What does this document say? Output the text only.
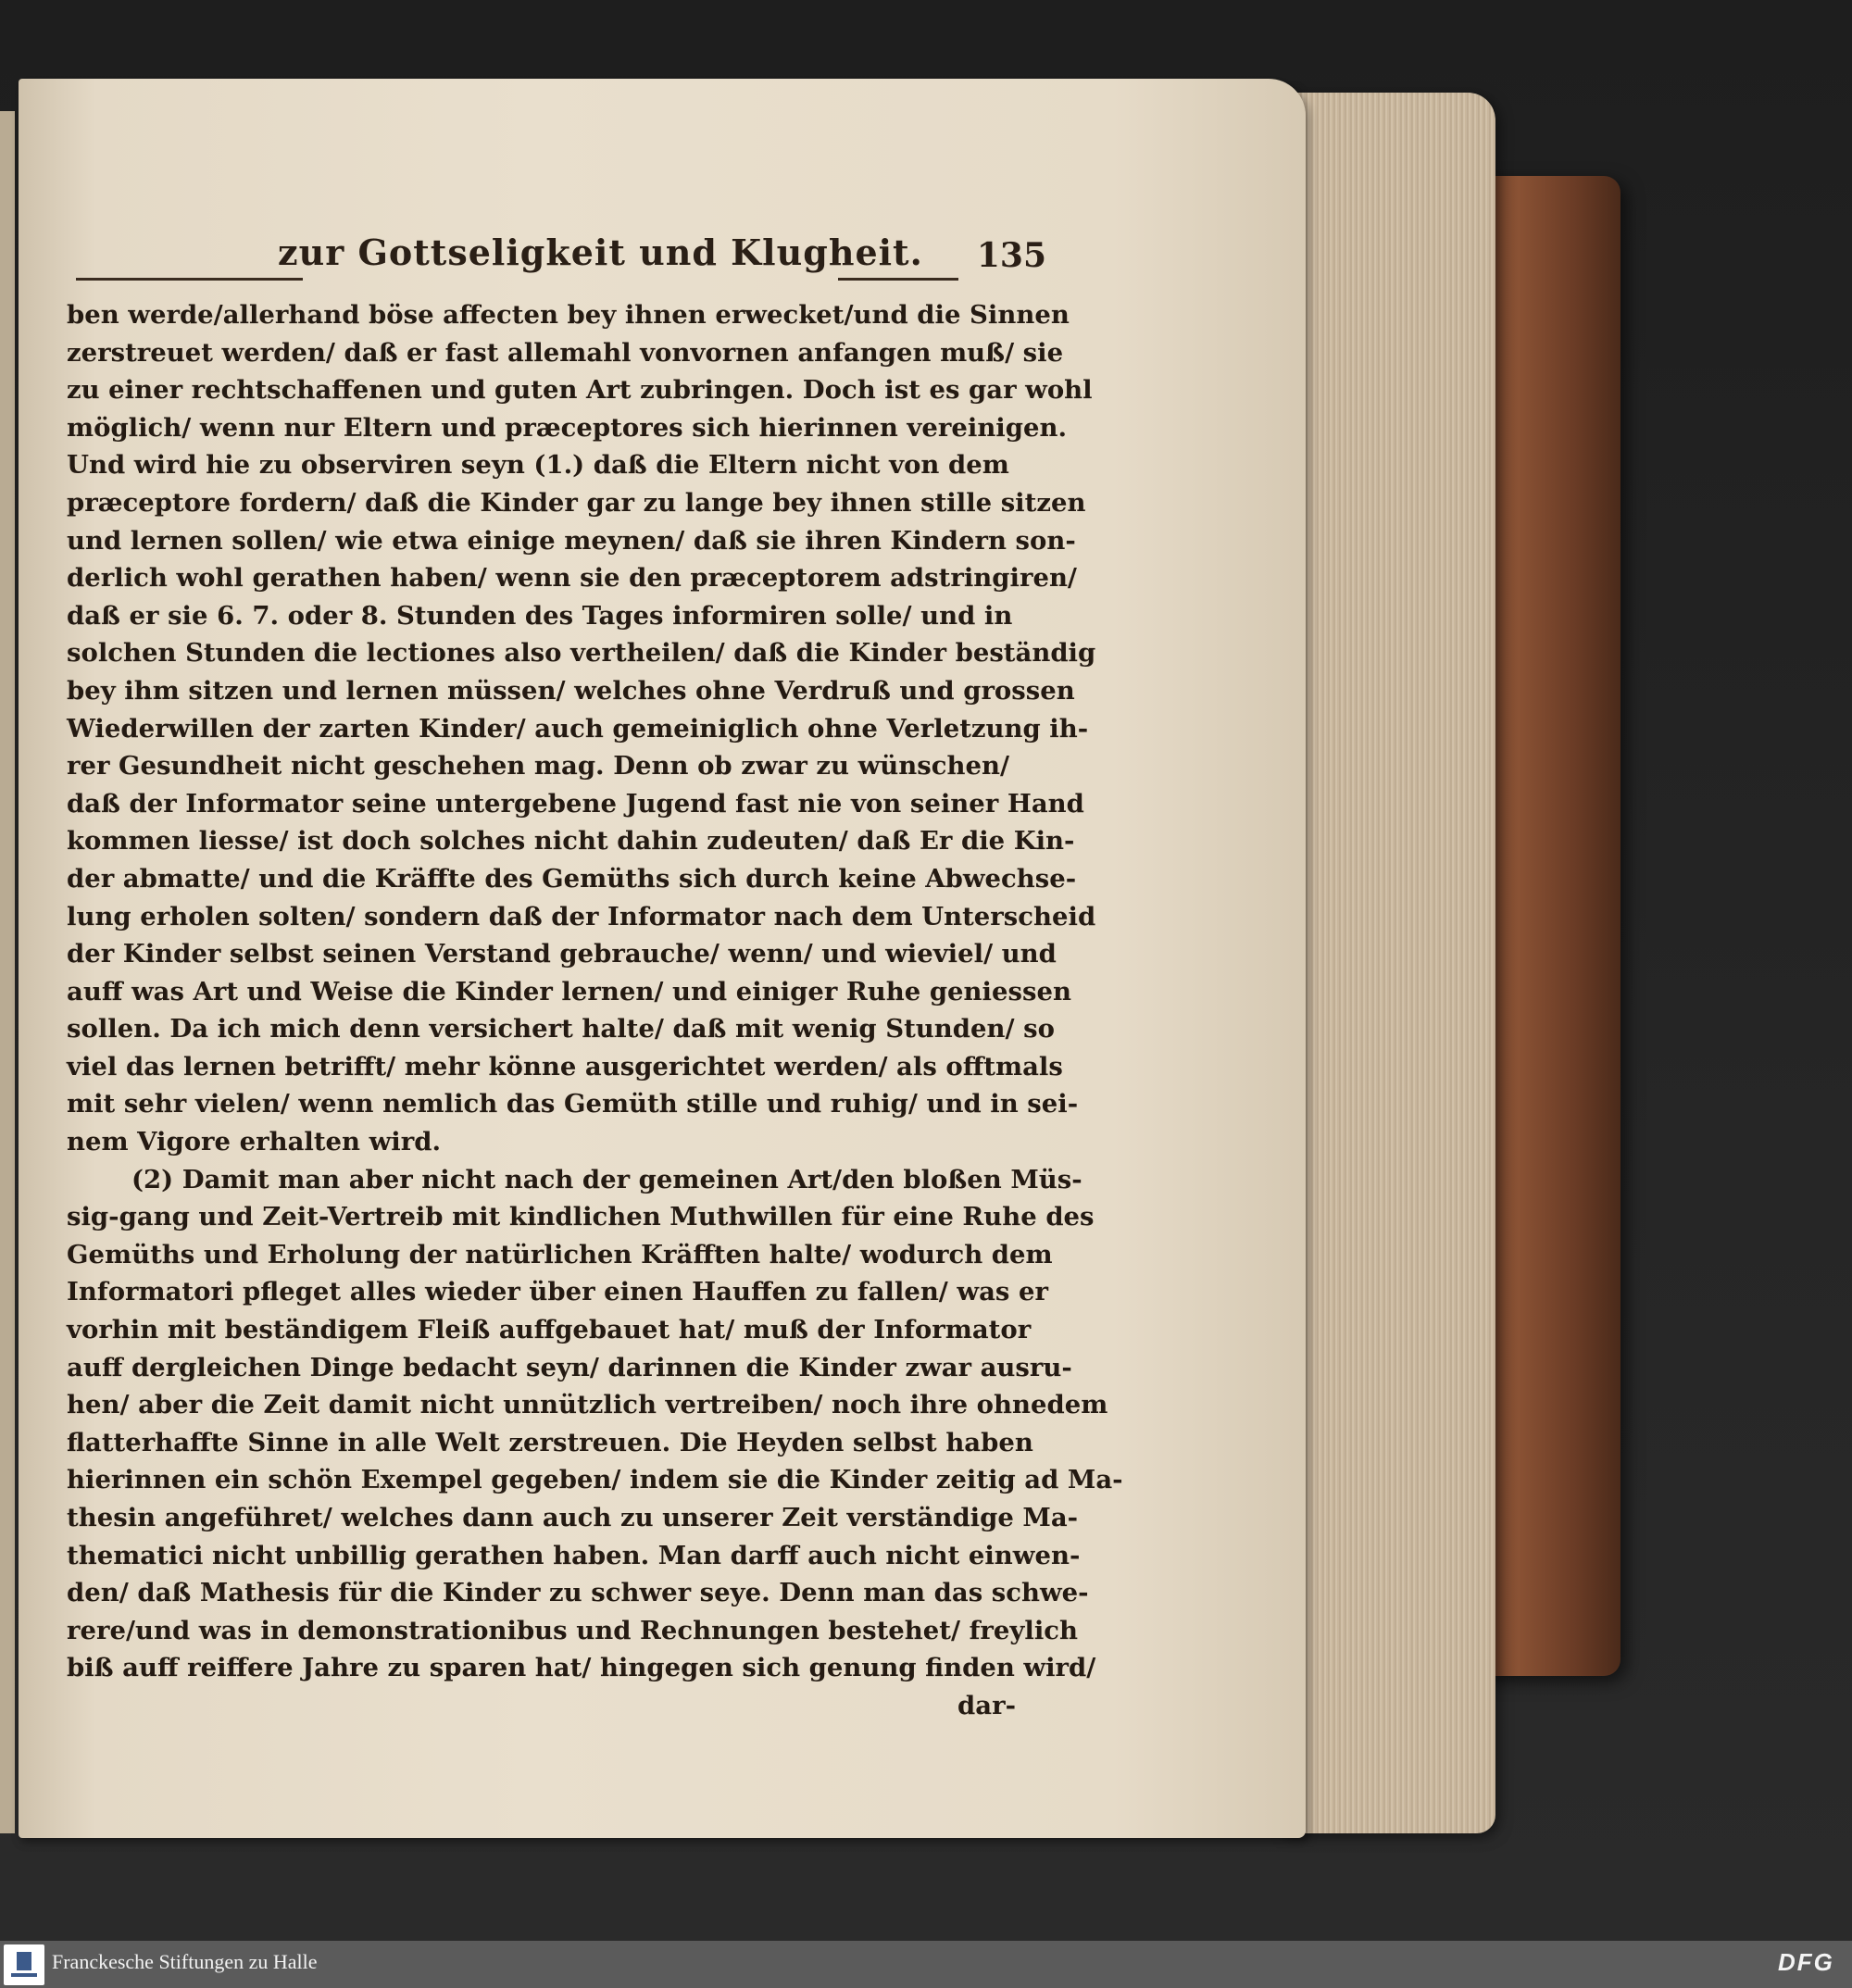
zur Gottseligkeit und Klugheit.	135
ben werde/allerhand böse affecten bey ihnen erwecket/und die Sinnen
zerstreuet werden/ daß er fast allemahl vonvornen anfangen muß/ sie
zu einer rechtschaffenen und guten Art zubringen. Doch ist es gar wohl
möglich/ wenn nur Eltern und præceptores sich hierinnen vereinigen.
Und wird hie zu observiren seyn (1.) daß die Eltern nicht von dem
præceptore fordern/ daß die Kinder gar zu lange bey ihnen stille sitzen
und lernen sollen/ wie etwa einige meynen/ daß sie ihren Kindern son-
derlich wohl gerathen haben/ wenn sie den præceptorem adstringiren/
daß er sie 6. 7. oder 8. Stunden des Tages informiren solle/ und in
solchen Stunden die lectiones also vertheilen/ daß die Kinder beständig
bey ihm sitzen und lernen müssen/ welches ohne Verdruß und grossen
Wiederwillen der zarten Kinder/ auch gemeiniglich ohne Verletzung ih-
rer Gesundheit nicht geschehen mag. Denn ob zwar zu wünschen/
daß der Informator seine untergebene Jugend fast nie von seiner Hand
kommen liesse/ ist doch solches nicht dahin zudeuten/ daß Er die Kin-
der abmatte/ und die Kräffte des Gemüths sich durch keine Abwechse-
lung erholen solten/ sondern daß der Informator nach dem Unterscheid
der Kinder selbst seinen Verstand gebrauche/ wenn/ und wieviel/ und
auff was Art und Weise die Kinder lernen/ und einiger Ruhe geniessen
sollen. Da ich mich denn versichert halte/ daß mit wenig Stunden/ so
viel das lernen betrifft/ mehr könne ausgerichtet werden/ als offtmals
mit sehr vielen/ wenn nemlich das Gemüth stille und ruhig/ und in sei-
nem Vigore erhalten wird.
(2) Damit man aber nicht nach der gemeinen Art/den bloßen Müs-
sig-gang und Zeit-Vertreib mit kindlichen Muthwillen für eine Ruhe des
Gemüths und Erholung der natürlichen Kräfften halte/ wodurch dem
Informatori pfleget alles wieder über einen Hauffen zu fallen/ was er
vorhin mit beständigem Fleiß auffgebauet hat/ muß der Informator
auff dergleichen Dinge bedacht seyn/ darinnen die Kinder zwar ausru-
hen/ aber die Zeit damit nicht unnützlich vertreiben/ noch ihre ohnedem
flatterhaffte Sinne in alle Welt zerstreuen. Die Heyden selbst haben
hierinnen ein schön Exempel gegeben/ indem sie die Kinder zeitig ad Ma-
thesin angeführet/ welches dann auch zu unserer Zeit verständige Ma-
thematici nicht unbillig gerathen haben. Man darff auch nicht einwen-
den/ daß Mathesis für die Kinder zu schwer seye. Denn man das schwe-
rere/und was in demonstrationibus und Rechnungen bestehet/ freylich
biß auff reiffere Jahre zu sparen hat/ hingegen sich genung finden wird/
dar-
Franckesche Stiftungen zu Halle	DFG
